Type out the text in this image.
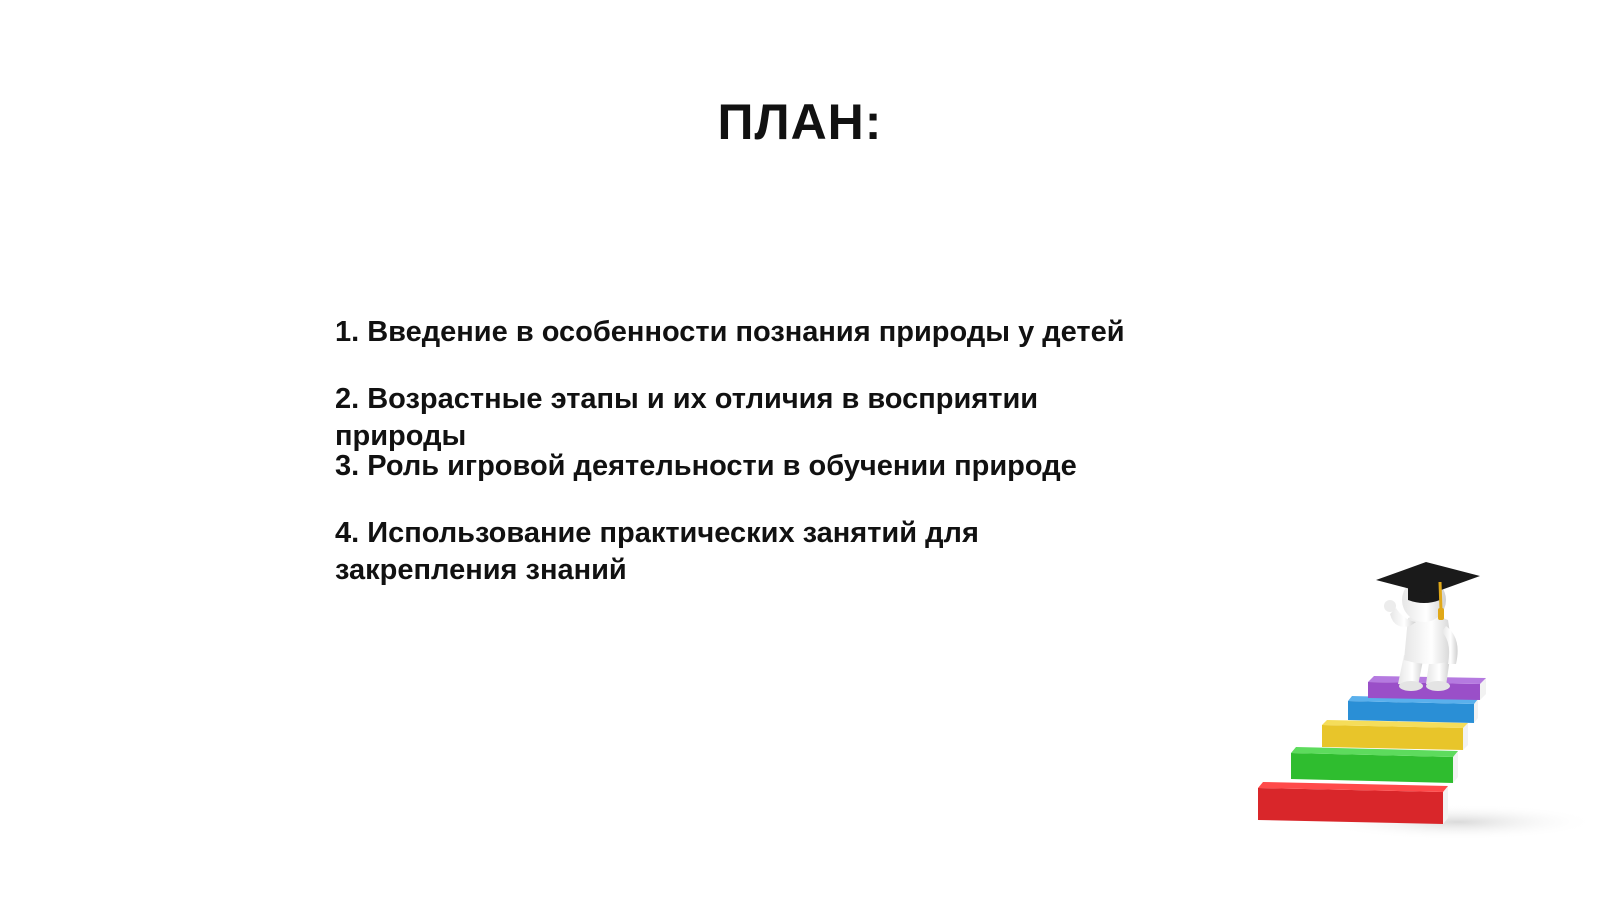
ПЛАН:
1. Введение в особенности познания природы у детей
2. Возрастные этапы и их отличия в восприятии природы
3. Роль игровой деятельности в обучении природе
4. Использование практических занятий для закрепления знаний
